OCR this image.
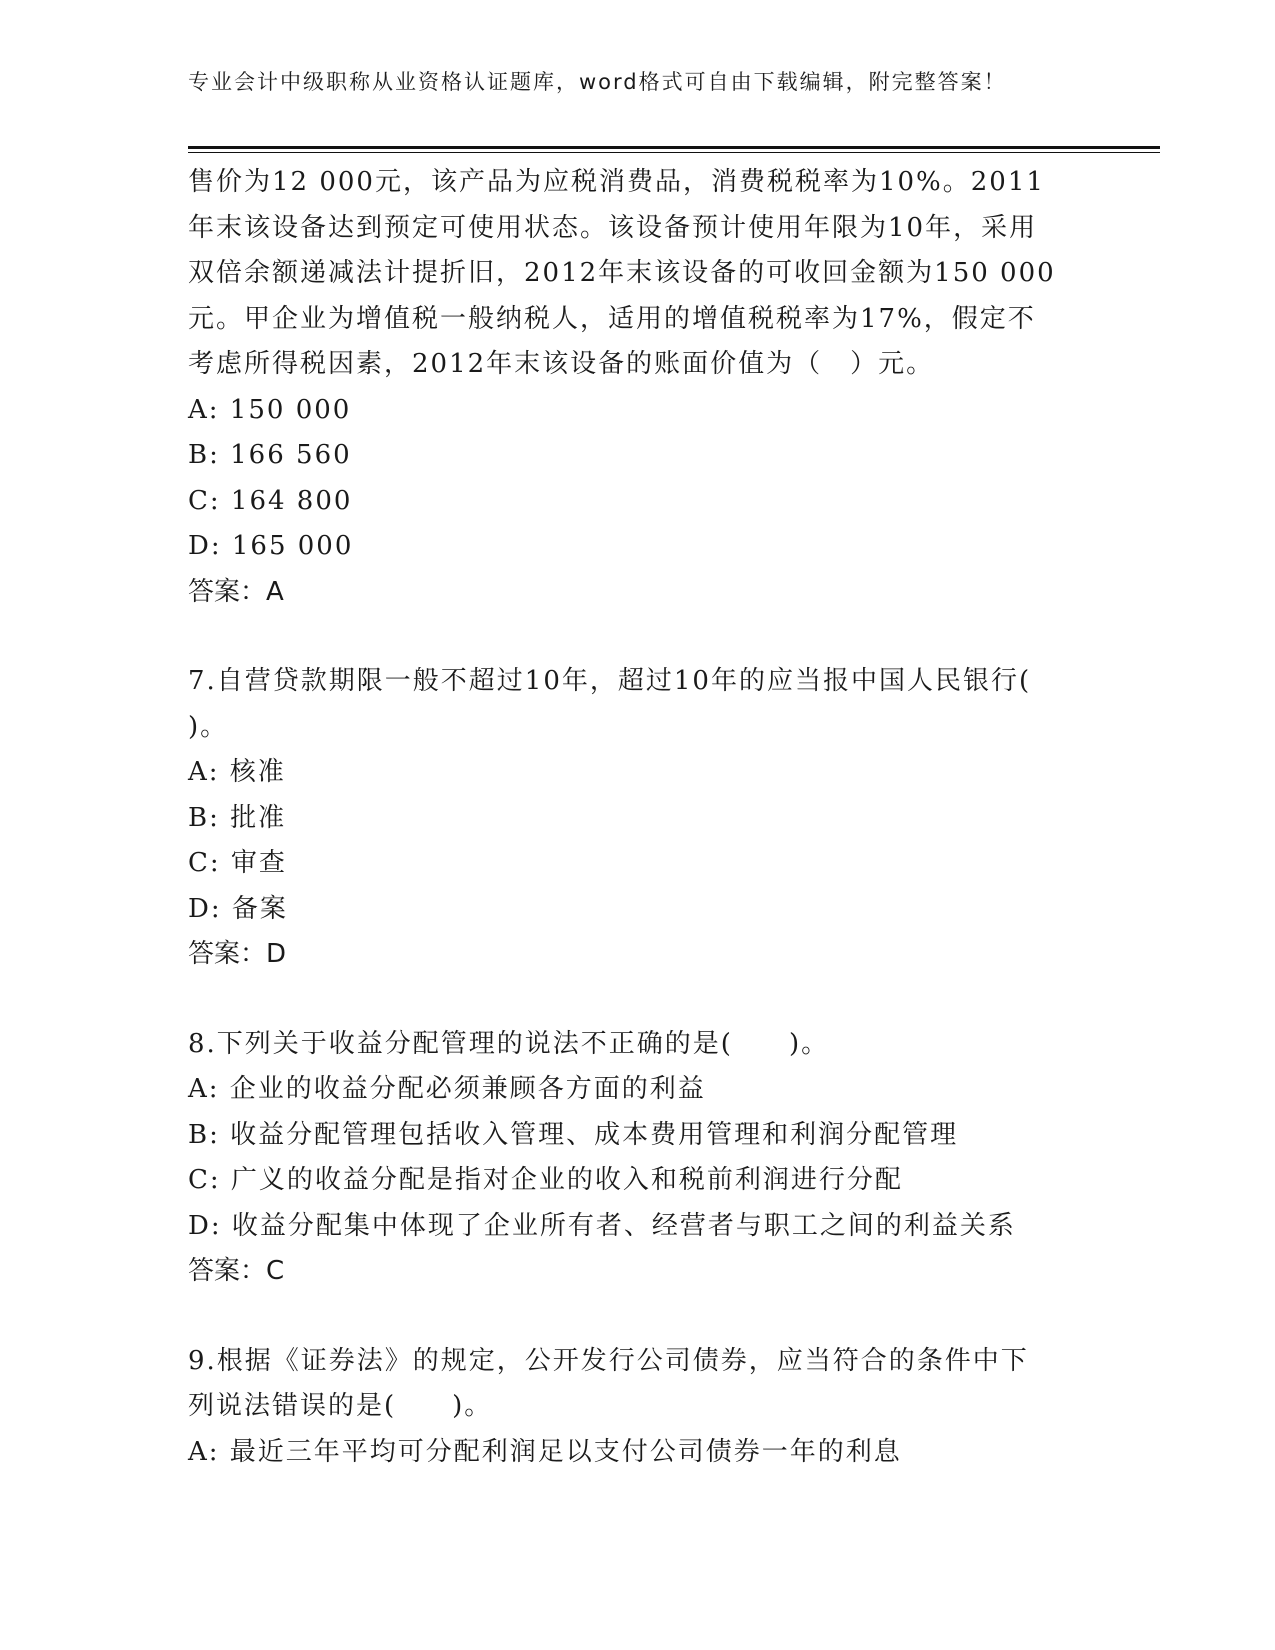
专业会计中级职称从业资格认证题库，word格式可自由下载编辑，附完整答案！
售价为12 000元，该产品为应税消费品，消费税税率为10%。2011
年末该设备达到预定可使用状态。该设备预计使用年限为10年，采用
双倍余额递减法计提折旧，2012年末该设备的可收回金额为150 000
元。甲企业为增值税一般纳税人，适用的增值税税率为17%，假定不
考虑所得税因素，2012年末该设备的账面价值为（　）元。
A: 150 000
B: 166 560
C: 164 800
D: 165 000
答案：A
7.自营贷款期限一般不超过10年，超过10年的应当报中国人民银行(
)。
A: 核准
B: 批准
C: 审查
D: 备案
答案：D
8.下列关于收益分配管理的说法不正确的是(　　)。
A: 企业的收益分配必须兼顾各方面的利益
B: 收益分配管理包括收入管理、成本费用管理和利润分配管理
C: 广义的收益分配是指对企业的收入和税前利润进行分配
D: 收益分配集中体现了企业所有者、经营者与职工之间的利益关系
答案：C
9.根据《证券法》的规定，公开发行公司债券，应当符合的条件中下
列说法错误的是(　　)。
A: 最近三年平均可分配利润足以支付公司债券一年的利息
